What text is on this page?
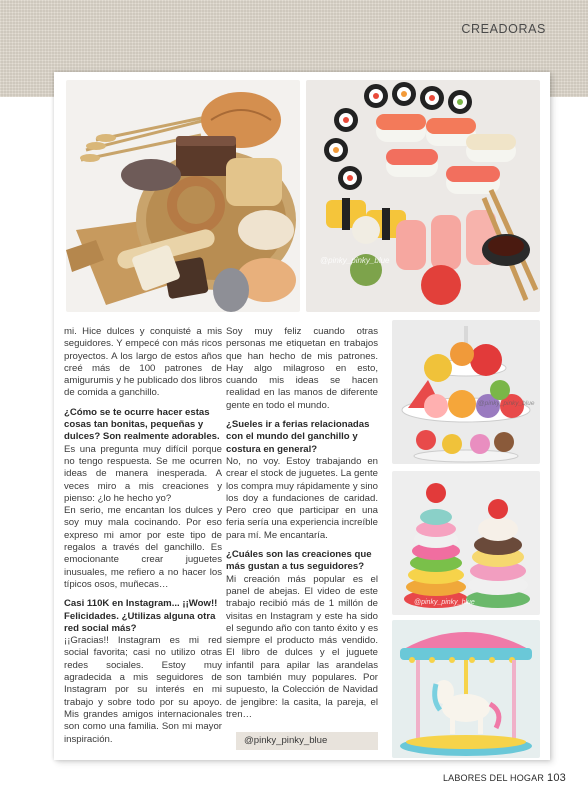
CREADORAS
@pinky_pinky_blue
@pinky_pinky_blue
@pinky_pinky_blue

mi. Hice dulces y conquisté a mis seguidores. Y empecé con más ricos proyectos. A los largo de estos años creé más de 100 patrones de amigurumis y he publicado dos libros de comida a ganchillo.

¿Cómo se te ocurre hacer estas cosas tan bonitas, pequeñas y dulces? Son realmente adorables.

Es una pregunta muy difícil porque no tengo respuesta. Se me ocurren ideas de manera inesperada. A veces miro a mis creaciones y pienso: ¿lo he hecho yo?

En serio, me encantan los dulces y soy muy mala cocinando. Por eso expreso mi amor por este tipo de regalos a través del ganchillo. Es emocionante crear juguetes inusuales, me refiero a no hacer los típicos osos, muñecas…

Casi 110K en Instagram... ¡¡Wow!! Felicidades. ¿Utilizas alguna otra red social más?

¡¡Gracias!! Instagram es mi red social favorita; casi no utilizo otras redes sociales. Estoy muy agradecida a mis seguidores de Instagram por su interés en mi trabajo y sobre todo por su apoyo. Mis grandes amigos internacionales son como una familia. Son mi mayor inspiración.

Soy muy feliz cuando otras personas me etiquetan en trabajos que han hecho de mis patrones. Hay algo milagroso en esto, cuando mis ideas se hacen realidad en las manos de diferente gente en todo el mundo.

¿Sueles ir a ferias relacionadas con el mundo del ganchillo y costura en general?

No, no voy. Estoy trabajando en crear el stock de juguetes. La gente los compra muy rápidamente y sino los doy a fundaciones de caridad. Pero creo que participar en una feria sería una experiencia increíble para mí. Me encantaría.

¿Cuáles son las creaciones que más gustan a tus seguidores?

Mi creación más popular es el panel de abejas. El video de este trabajo recibió más de 1 millón de visitas en Instagram y este ha sido el segundo año con tanto éxito y es siempre el producto más vendido. El libro de dulces y el juguete infantil para apilar las arandelas son también muy populares. Por supuesto, la Colección de Navidad de jengibre: la casita, la pareja, el tren…

@pinky_pinky_blue
LABORES DEL HOGAR 103
